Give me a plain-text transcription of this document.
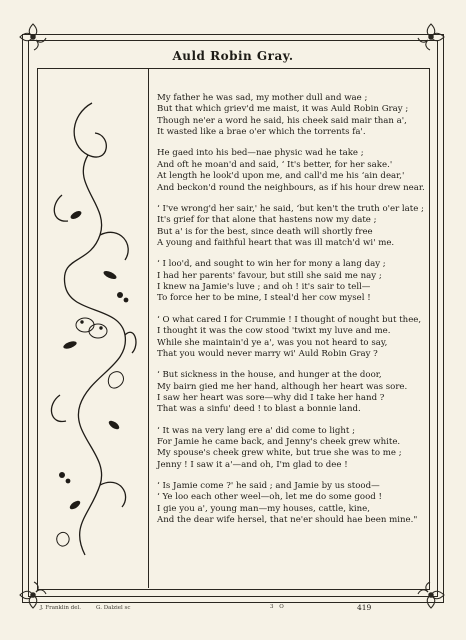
Auld Robin Gray.
My father he was sad, my mother dull and wae ;
But that which griev'd me maist, it was Auld Robin Gray ;
Though ne'er a word he said, his cheek said mair than a',
It wasted like a brae o'er which the torrents fa'.
He gaed into his bed—nae physic wad he take ;
And oft he moan'd and said, ‘ It's better, for her sake.'
At length he look'd upon me, and call'd me his ‘ain dear,'
And beckon'd round the neighbours, as if his hour drew near.
‘ I've wrong'd her sair,' he said, ‘but ken't the truth o'er late ;
It's grief for that alone that hastens now my date ;
But a' is for the best, since death will shortly free
A young and faithful heart that was ill match'd wi' me.
‘ I loo'd, and sought to win her for mony a lang day ;
I had her parents' favour, but still she said me nay ;
I knew na Jamie's luve ; and oh ! it's sair to tell—
To force her to be mine, I steal'd her cow mysel !
‘ O what cared I for Crummie ! I thought of nought but thee,
I thought it was the cow stood 'twixt my luve and me.
While she maintain'd ye a', was you not heard to say,
That you would never marry wi' Auld Robin Gray ?
‘ But sickness in the house, and hunger at the door,
My bairn gied me her hand, although her heart was sore.
I saw her heart was sore—why did I take her hand ?
That was a sinfu' deed ! to blast a bonnie land.
‘ It was na very lang ere a' did come to light ;
For Jamie he came back, and Jenny's cheek grew white.
My spouse's cheek grew white, but true she was to me ;
Jenny ! I saw it a'—and oh, I'm glad to dee !
‘ Is Jamie come ?' he said ; and Jamie by us stood—
‘ Ye loo each other weel—oh, let me do some good !
I gie you a', young man—my houses, cattle, kine,
And the dear wife hersel, that ne'er should hae been mine."
J. Franklin del.	G. Dalziel sc	3 O	419
